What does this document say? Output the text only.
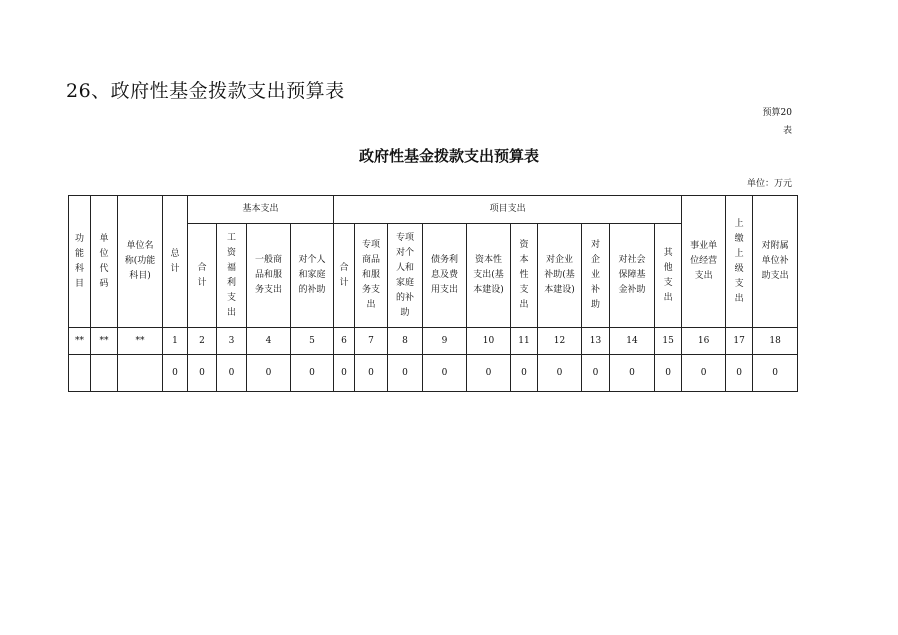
26、政府性基金拨款支出预算表
预算20
表
政府性基金拨款支出预算表
单位：万元
功能科目	单位代码	单位名称(功能科目)	总计	基本支出				项目支出										事业单位经营支出	上缴上级支出	对附属单位补助支出
				合计	工资福利支出	一般商品和服务支出	对个人和家庭的补助	合计	专项商品和服务支出	专项对个人和家庭的补助	债务利息及费用支出	资本性支出(基本建设)	资本性支出	对企业补助(基本建设)	对企业补助	对社会保障基金补助	其他支出			
**	**	**	1	2	3	4	5	6	7	8	9	10	11	12	13	14	15	16	17	18
			0	0	0	0	0	0	0	0	0	0	0	0	0	0	0	0	0	0
